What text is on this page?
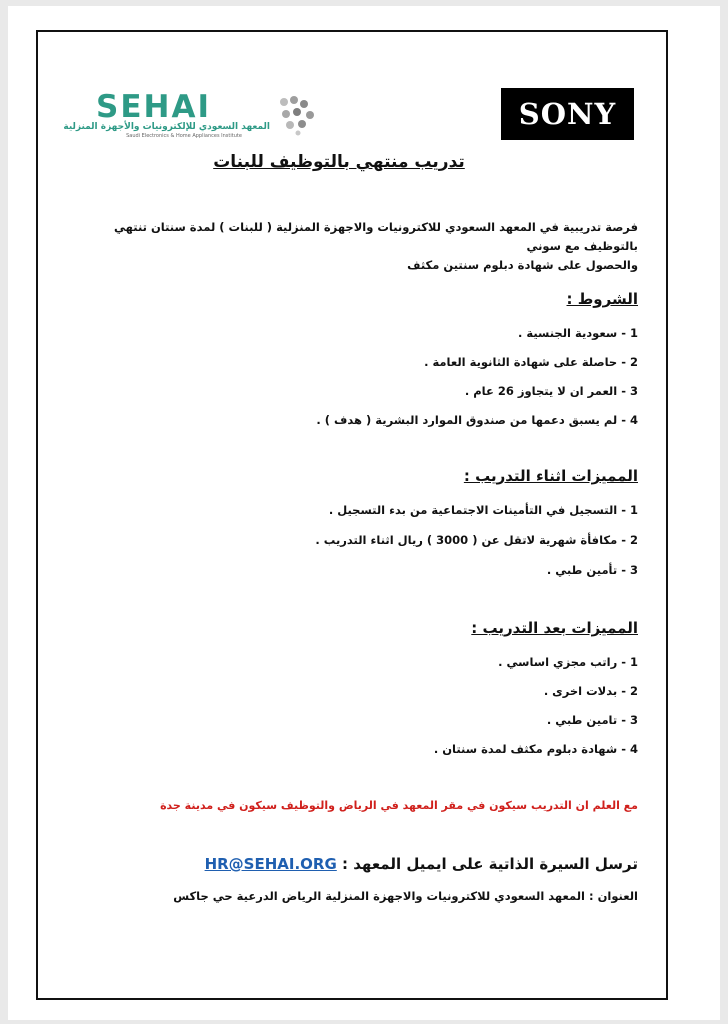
SEHAI
المعهد السعودي للإلكترونيات والأجهزة المنزلية
Saudi Electronics & Home Appliances Institute
SONY
تدريب منتهي بالتوظيف للبنات
فرصة تدريبية في المعهد السعودي للاكترونيات والاجهزة المنزلية ( للبنات ) لمدة سنتان تنتهي بالتوظيف مع سوني
والحصول على شهادة دبلوم سنتين مكثف
الشروط :
1 - سعودية الجنسية .
2 - حاصلة على شهادة الثانوية العامة .
3 - العمر ان لا يتجاوز 26 عام .
4 - لم يسبق دعمها من صندوق الموارد البشرية ( هدف ) .
المميزات اثناء التدريب :
1 - التسجيل في التأمينات الاجتماعية من بدء التسجيل .
2 - مكافأة شهرية لاتقل عن ( 3000 ) ريال اثناء التدريب .
3 - تأمين طبي .
المميزات بعد التدريب :
1 - راتب مجزي اساسي .
2 - بدلات اخرى .
3 - تامين طبي .
4 - شهادة دبلوم مكثف لمدة سنتان .
مع العلم ان التدريب سيكون في مقر المعهد في الرياض والتوظيف سيكون في مدينة جدة
ترسل السيرة الذاتية على ايميل المعهد : HR@SEHAI.ORG
العنوان : المعهد السعودي للاكترونيات والاجهزة المنزلية الرياض الدرعية حي جاكس
